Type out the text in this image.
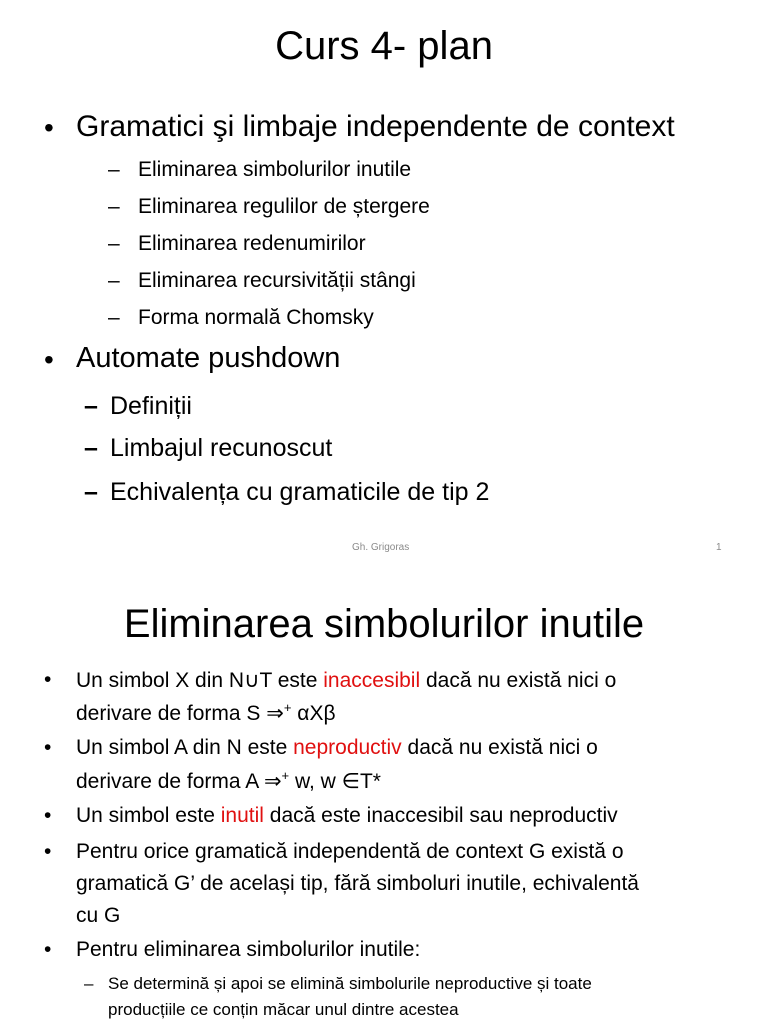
Curs 4- plan
• Gramatici şi limbaje independente de context
– Eliminarea simbolurilor inutile
– Eliminarea regulilor de ștergere
– Eliminarea redenumirilor
– Eliminarea recursivității stângi
– Forma normală Chomsky
• Automate pushdown
– Definiții
– Limbajul recunoscut
– Echivalența cu gramaticile de tip 2
Gh. Grigoras	1
Eliminarea simbolurilor inutile
• Un simbol X din N∪T este inaccesibil dacă nu există nici o
derivare de forma S ⇒+ αXβ
• Un simbol A din N este neproductiv dacă nu există nici o
derivare de forma A ⇒+ w, w ∈T*
• Un simbol este inutil dacă este inaccesibil sau neproductiv
• Pentru orice gramatică independentă de context G există o
gramatică G’ de același tip, fără simboluri inutile, echivalentă
cu G
• Pentru eliminarea simbolurilor inutile:
– Se determină și apoi se elimină simbolurile neproductive și toate
producțiile ce conțin măcar unul dintre acestea
